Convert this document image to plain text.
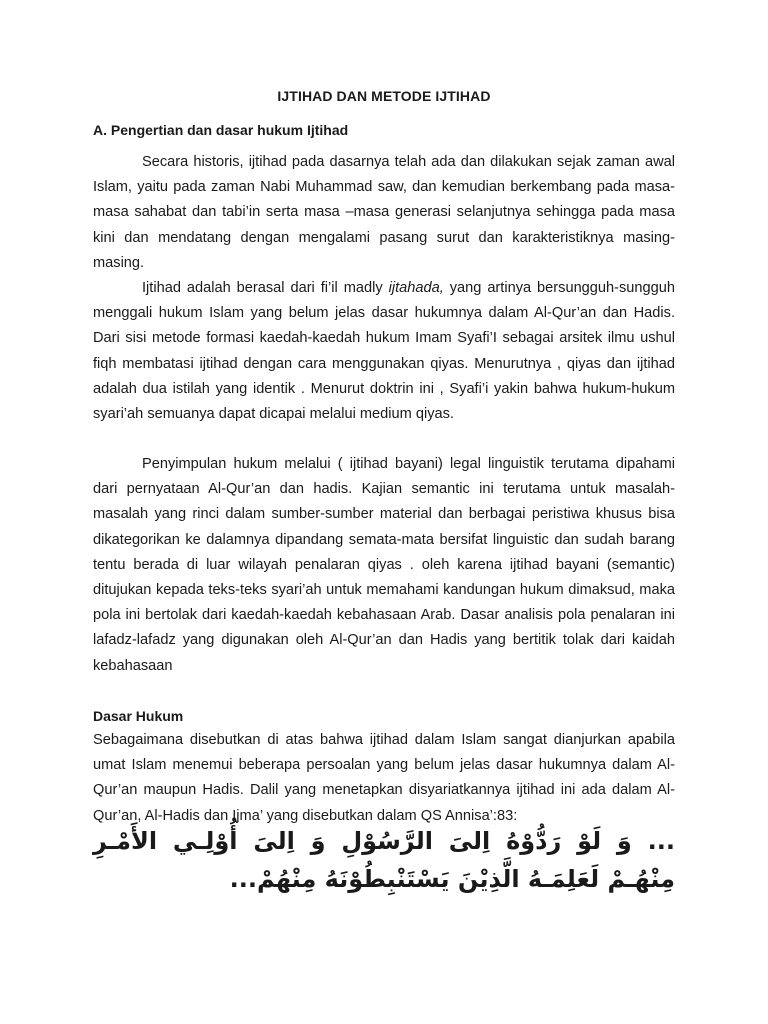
IJTIHAD DAN METODE IJTIHAD
A. Pengertian dan dasar hukum Ijtihad

Secara historis, ijtihad pada dasarnya telah ada dan dilakukan sejak zaman awal Islam, yaitu pada zaman Nabi Muhammad saw, dan kemudian berkembang pada masa-masa sahabat dan tabi’in serta masa –masa generasi selanjutnya sehingga pada masa kini dan mendatang dengan mengalami pasang surut dan karakteristiknya masing-masing.

Ijtihad adalah berasal dari fi’il madly ijtahada, yang artinya bersungguh-sungguh menggali hukum Islam yang belum jelas dasar hukumnya dalam Al-Qur’an dan Hadis. Dari sisi metode formasi kaedah-kaedah hukum Imam Syafi’I sebagai arsitek ilmu ushul fiqh membatasi ijtihad dengan cara menggunakan qiyas. Menurutnya , qiyas dan ijtihad adalah dua istilah yang identik . Menurut doktrin ini , Syafi’i yakin bahwa hukum-hukum syari’ah semuanya dapat dicapai melalui medium qiyas.

Penyimpulan hukum melalui ( ijtihad bayani) legal linguistik terutama dipahami dari pernyataan Al-Qur’an dan hadis. Kajian semantic ini terutama untuk masalah-masalah yang rinci dalam sumber-sumber material dan berbagai peristiwa khusus bisa dikategorikan ke dalamnya dipandang semata-mata bersifat linguistic dan sudah barang tentu berada di luar wilayah penalaran qiyas . oleh karena ijtihad bayani (semantic) ditujukan kepada teks-teks syari’ah untuk memahami kandungan hukum dimaksud, maka pola ini bertolak dari kaedah-kaedah kebahasaan Arab. Dasar analisis pola penalaran ini lafadz-lafadz yang digunakan oleh Al-Qur’an dan Hadis yang bertitik tolak dari kaidah kebahasaan

Dasar Hukum

Sebagaimana disebutkan di atas bahwa ijtihad dalam Islam sangat dianjurkan apabila umat Islam menemui beberapa persoalan yang belum jelas dasar hukumnya dalam Al-Qur’an maupun Hadis. Dalil yang menetapkan disyariatkannya ijtihad ini ada dalam Al-Qur’an, Al-Hadis dan Ijma’ yang disebutkan dalam QS Annisa’:83:

... وَ لَوْ رَدُّوْهُ اِلىَ الرَّسُوْلِ وَ اِلىَ أُوْلِـي الأَمْـرِ مِنْهُـمْ لَعَلِمَـهُ الَّذِيْنَ يَسْتَنْبِطُوْنَهُ مِنْهُمْ...
